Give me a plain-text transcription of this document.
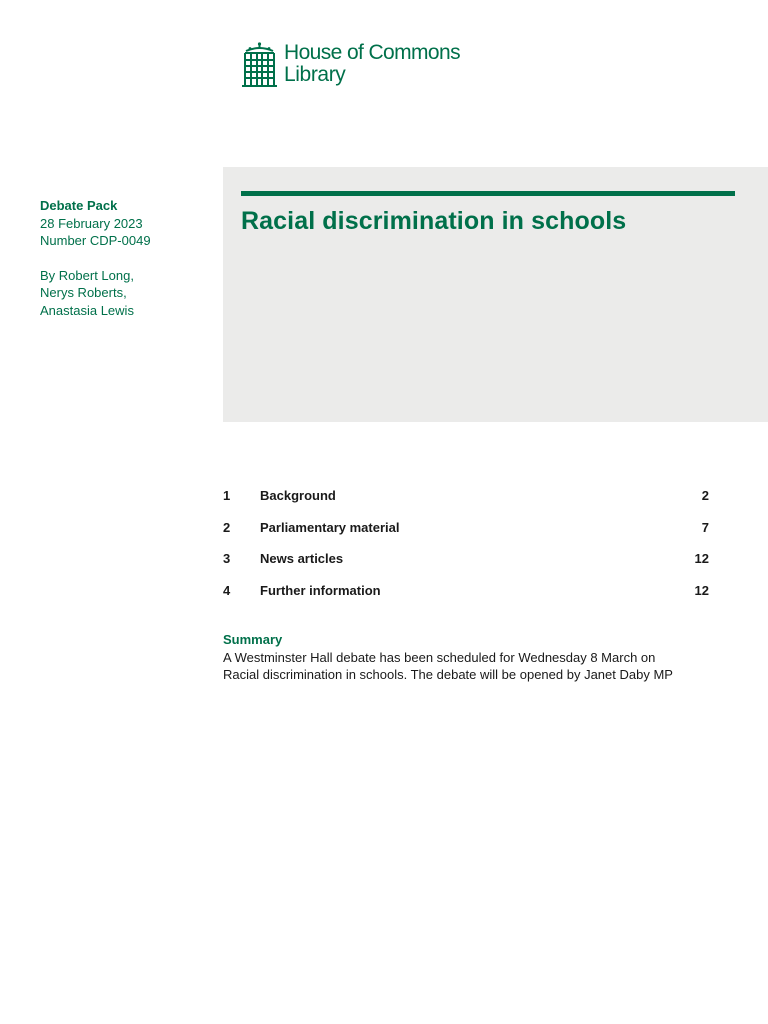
House of Commons
Library
Debate Pack
28 February 2023
Number CDP-0049
By Robert Long,
Nerys Roberts,
Anastasia Lewis
Racial discrimination in schools
1 Background	2
2 Parliamentary material	7
3 News articles	12
4 Further information	12
Summary
A Westminster Hall debate has been scheduled for Wednesday 8 March on
Racial discrimination in schools. The debate will be opened by Janet Daby MP
